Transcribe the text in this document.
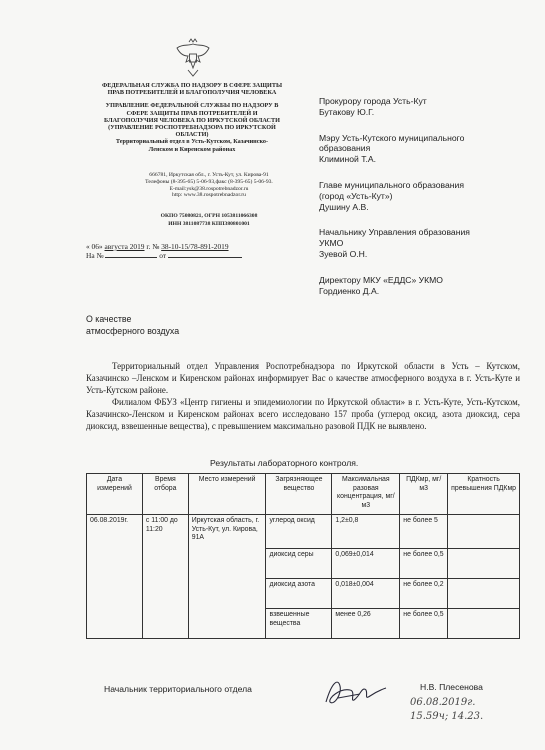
ФЕДЕРАЛЬНАЯ СЛУЖБА ПО НАДЗОРУ В СФЕРЕ ЗАЩИТЫ
ПРАВ ПОТРЕБИТЕЛЕЙ И БЛАГОПОЛУЧИЯ ЧЕЛОВЕКА
УПРАВЛЕНИЕ ФЕДЕРАЛЬНОЙ СЛУЖБЫ ПО НАДЗОРУ В
СФЕРЕ ЗАЩИТЫ ПРАВ ПОТРЕБИТЕЛЕЙ И
БЛАГОПОЛУЧИЯ ЧЕЛОВЕКА ПО ИРКУТСКОЙ ОБЛАСТИ
(УПРАВЛЕНИЕ РОСПОТРЕБНАДЗОРА ПО ИРКУТСКОЙ
ОБЛАСТИ)
Территориальный отдел в Усть-Кутском, Казачинско-
Ленском и Киренском районах
666781, Иркутская обл., г. Усть-Кут, ул. Кирова-91
Телефоны (8-395-65) 5-06-93,факс (8-395-65) 5-06-93.
E-mail:ysk@38.rospotrebnadzor.ru
http: www.38.rospotrebnadzor.ru
ОКПО 75080821, ОГРН 1053811066308
ИНН 3811087738 КПП380801001
« 06» августа 2019 г. № 38-10-15/78-891-2019
На №	от
Прокурору города Усть-Кут
Бутакову Ю.Г.
Мэру Усть-Кутского муниципального
образования
Климиной Т.А.
Главе муниципального образования
(город «Усть-Кут»)
Душину А.В.
Начальнику Управления образования
УКМО
Зуевой О.Н.
Директору МКУ «ЕДДС» УКМО
Гордиенко Д.А.
О качестве
атмосферного воздуха
Территориальный отдел Управления Роспотребнадзора по Иркутской области в Усть – Кутском, Казачинско –Ленском и Киренском районах информирует Вас о качестве атмосферного воздуха в г. Усть-Куте и Усть-Кутском районе.
Филиалом ФБУЗ «Центр гигиены и эпидемиологии по Иркутской области» в г. Усть-Куте, Усть-Кутском, Казачинско-Ленском и Киренском районах всего исследовано 157 проба (углерод оксид, азота диоксид, сера диоксид, взвешенные вещества), с превышением максимально разовой ПДК не выявлено.
Результаты лабораторного контроля.
Дата измерений	Время отбора	Место измерений	Загрязняющее вещество	Максимальная разовая концентрация, мг/м3	ПДКмр, мг/м3	Кратность превышения ПДКмр
06.08.2019г.	с 11:00 до 11:20	Иркутская область, г. Усть-Кут, ул. Кирова, 91А	углерод оксид	1,2±0,8	не более 5	
			диоксид серы	0,069±0,014	не более 0,5	
			диоксид азота	0,018±0,004	не более 0,2	
			взвешенные вещества	менее 0,26	не более 0,5	
Начальник территориального отдела	Н.В. Плесенова
06.08.2019г.
15.59ч; 14.23.
